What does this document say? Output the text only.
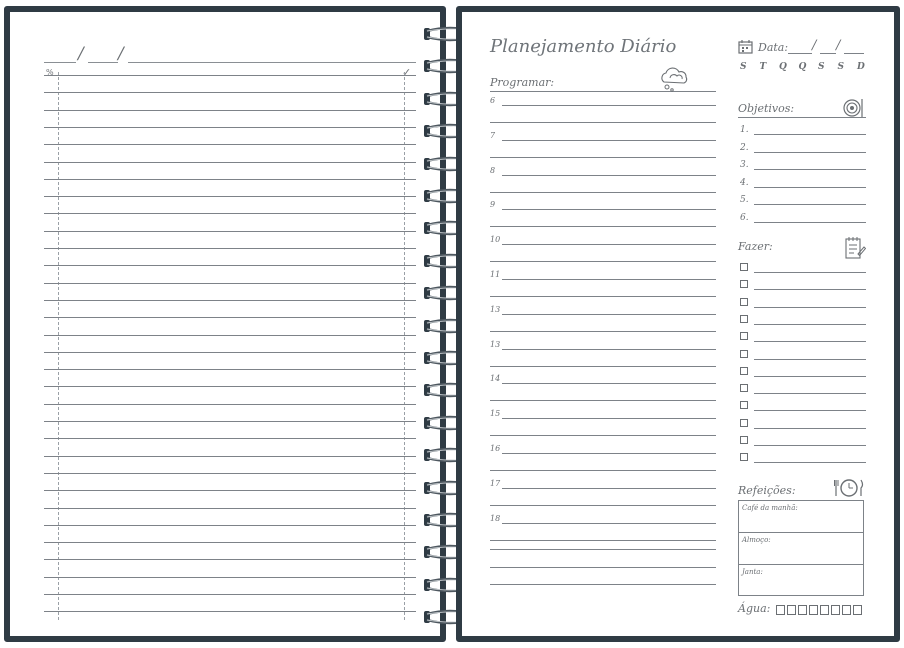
/ /
%	✓
Planejamento Diário	Data: / /
S T Q Q S S D
Programar:
6
7
8
9
10
11
13
13
14
15
16
17
18
Objetivos:
1.
2.
3.
4.
5.
6.
Fazer:
Refeições:
Café da manhã:
Almoço:
Janta:
Água:
